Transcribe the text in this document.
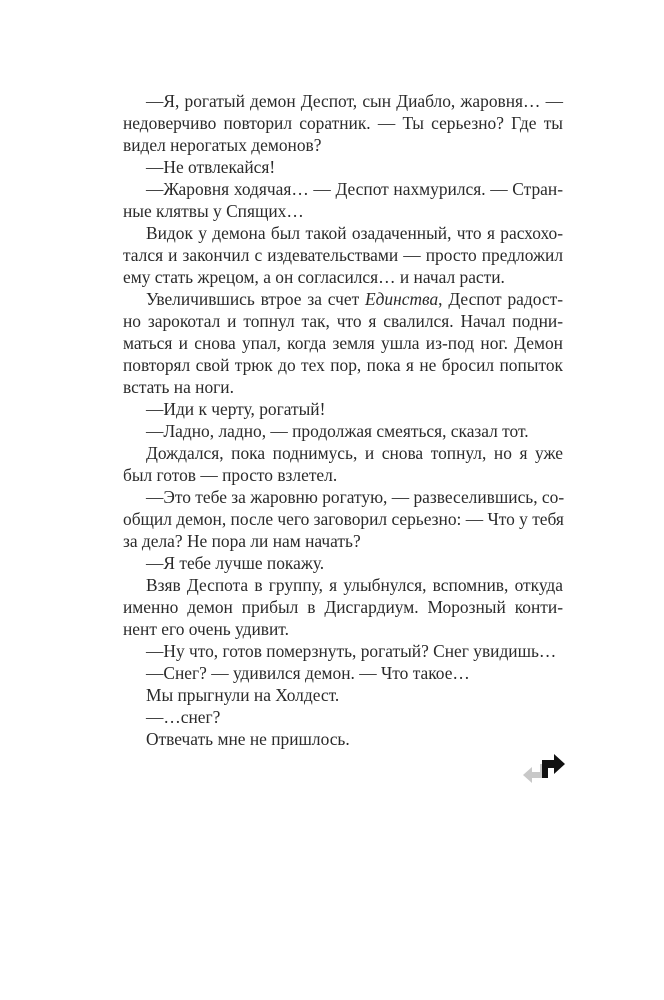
—Я, рогатый демон Деспот, сын Диабло, жаровня… —
недоверчиво повторил соратник. — Ты серьезно? Где ты
видел нерогатых демонов?
—Не отвлекайся!
—Жаровня ходячая… — Деспот нахмурился. — Стран-
ные клятвы у Спящих…
Видок у демона был такой озадаченный, что я расхохо-
тался и закончил с издевательствами — просто предложил
ему стать жрецом, а он согласился… и начал расти.
Увеличившись втрое за счет Единства, Деспот радост-
но зарокотал и топнул так, что я свалился. Начал подни-
маться и снова упал, когда земля ушла из-под ног. Демон
повторял свой трюк до тех пор, пока я не бросил попыток
встать на ноги.
—Иди к черту, рогатый!
—Ладно, ладно, — продолжая смеяться, сказал тот.
Дождался, пока поднимусь, и снова топнул, но я уже
был готов — просто взлетел.
—Это тебе за жаровню рогатую, — развеселившись, со-
общил демон, после чего заговорил серьезно: — Что у тебя
за дела? Не пора ли нам начать?
—Я тебе лучше покажу.
Взяв Деспота в группу, я улыбнулся, вспомнив, откуда
именно демон прибыл в Дисгардиум. Морозный конти-
нент его очень удивит.
—Ну что, готов померзнуть, рогатый? Снег увидишь…
—Снег? — удивился демон. — Что такое…
Мы прыгнули на Холдест.
—…снег?
Отвечать мне не пришлось.
